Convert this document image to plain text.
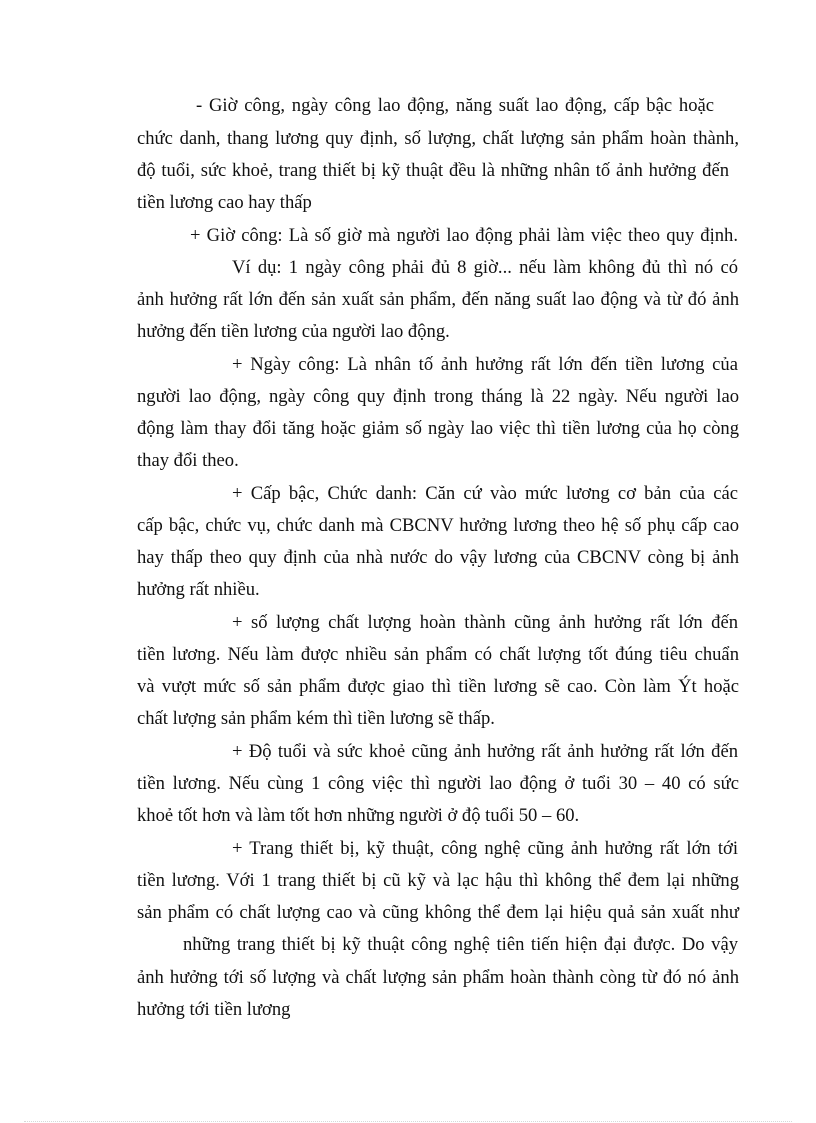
- Giờ công, ngày công lao động, năng suất lao động, cấp bậc hoặc
chức danh, thang lương quy định, số lượng, chất lượng sản phẩm hoàn thành,
độ tuổi, sức khoẻ, trang thiết bị kỹ thuật đều là những nhân tố ảnh hưởng đến
tiền lương cao hay thấp
+ Giờ công: Là số giờ mà người lao động phải làm việc theo quy định.
Ví dụ: 1 ngày công phải đủ 8 giờ... nếu làm không đủ thì nó có
ảnh hưởng rất lớn đến sản xuất sản phẩm, đến năng suất lao động và từ đó ảnh
hưởng đến tiền lương của người lao động.
+ Ngày công: Là nhân tố ảnh hưởng rất lớn đến tiền lương của
người lao động, ngày công quy định trong tháng là 22 ngày. Nếu người lao
động làm thay đổi tăng hoặc giảm số ngày lao việc thì tiền lương của họ còng
thay đổi theo.
+ Cấp bậc, Chức danh: Căn cứ vào mức lương cơ bản của các
cấp bậc, chức vụ, chức danh mà CBCNV hưởng lương theo hệ số phụ cấp cao
hay thấp theo quy định của nhà nước do vậy lương của CBCNV còng bị ảnh
hưởng rất nhiều.
+ số lượng chất lượng hoàn thành cũng ảnh hưởng rất lớn đến
tiền lương. Nếu làm được nhiều sản phẩm có chất lượng tốt đúng tiêu chuẩn
và vượt mức số sản phẩm được giao thì tiền lương sẽ cao. Còn làm Ýt hoặc
chất lượng sản phẩm kém thì tiền lương sẽ thấp.
+ Độ tuổi và sức khoẻ cũng ảnh hưởng rất ảnh hưởng rất lớn đến
tiền lương. Nếu cùng 1 công việc thì người lao động ở tuổi 30 – 40 có sức
khoẻ tốt hơn và làm tốt hơn những người ở độ tuổi 50 – 60.
+ Trang thiết bị, kỹ thuật, công nghệ cũng ảnh hưởng rất lớn tới
tiền lương. Với 1 trang thiết bị cũ kỹ và lạc hậu thì không thể đem lại những
sản phẩm có chất lượng cao và cũng không thể đem lại hiệu quả sản xuất như
những trang thiết bị kỹ thuật công nghệ tiên tiến hiện đại được. Do vậy
ảnh hưởng tới số lượng và chất lượng sản phẩm hoàn thành còng từ đó nó ảnh
hưởng tới tiền lương
